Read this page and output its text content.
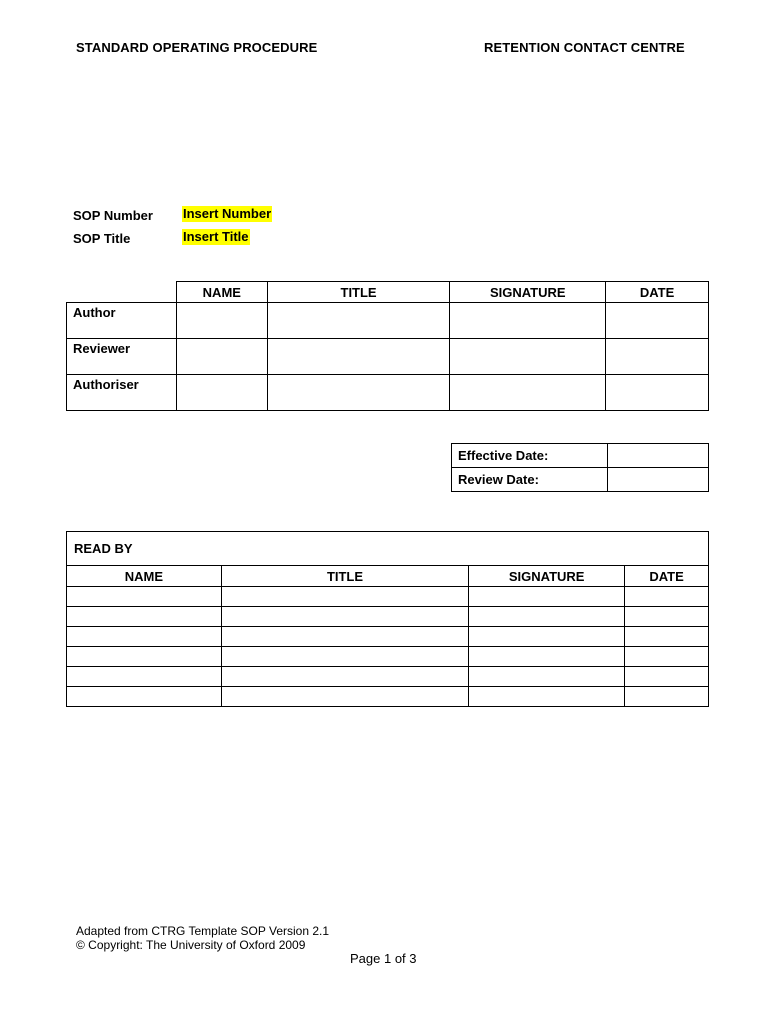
STANDARD OPERATING PROCEDURE	RETENTION CONTACT CENTRE
SOP Number Insert Number
SOP Title	Insert Title
	NAME	TITLE	SIGNATURE	DATE
Author				
Reviewer				
Authoriser				
Effective Date:	
Review Date:	
READ BY			
NAME	TITLE	SIGNATURE	DATE

Adapted from CTRG Template SOP Version 2.1
© Copyright: The University of Oxford 2009
Page 1 of 3
